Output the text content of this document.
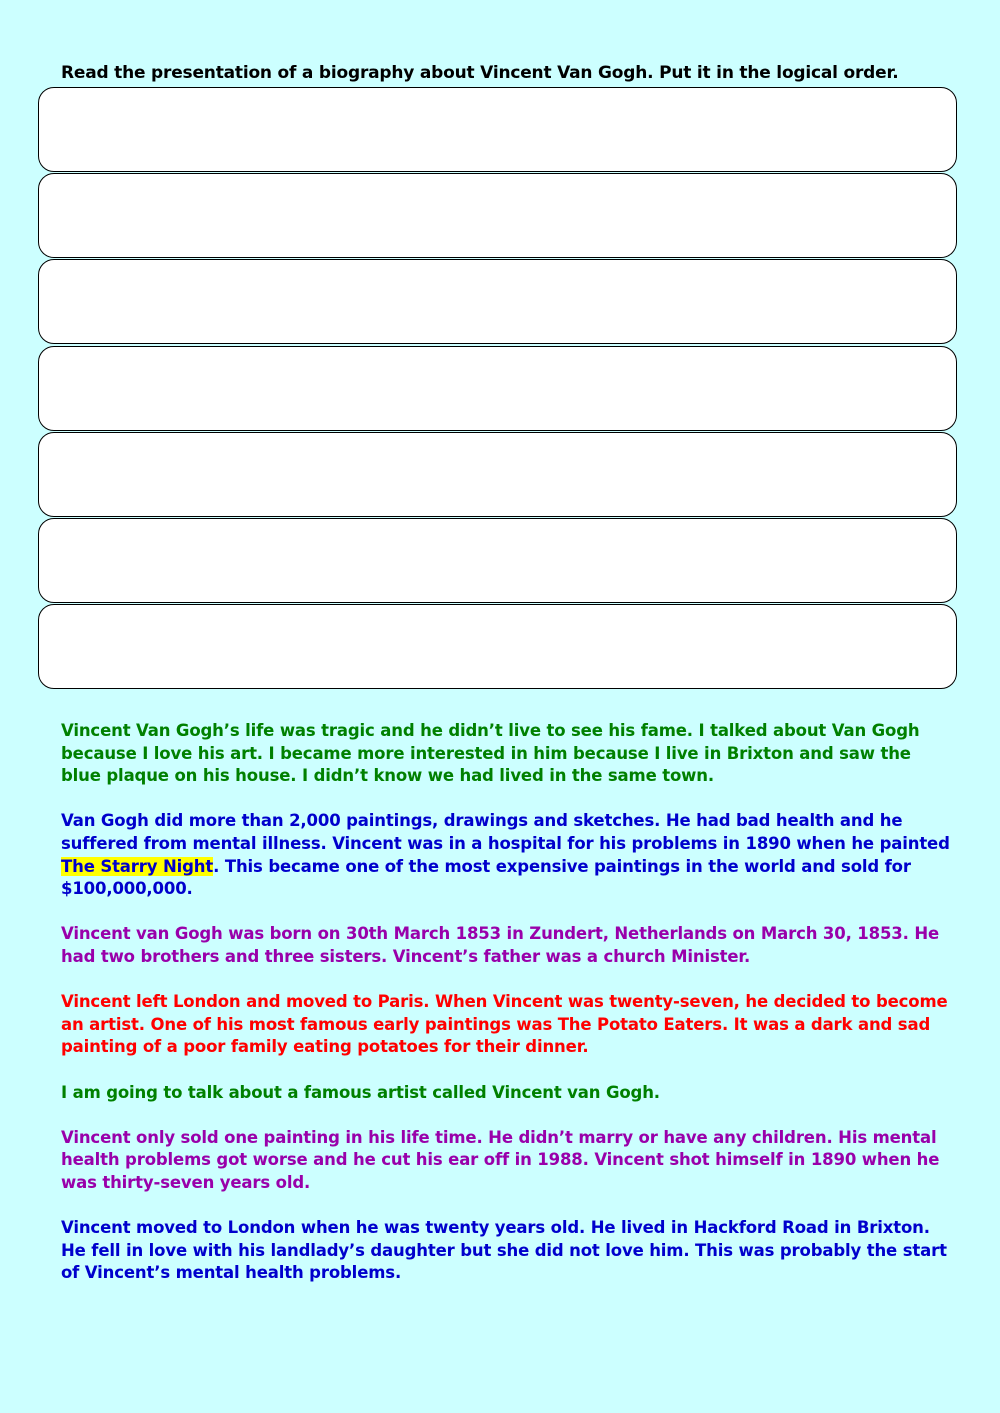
Read the presentation of a biography about Vincent Van Gogh. Put it in the logical order.

Vincent Van Gogh’s life was tragic and he didn’t live to see his fame. I talked about Van Gogh because I love his art. I became more interested in him because I live in Brixton and saw the blue plaque on his house. I didn’t know we had lived in the same town.

Van Gogh did more than 2,000 paintings, drawings and sketches. He had bad health and he suffered from mental illness. Vincent was in a hospital for his problems in 1890 when he painted The Starry Night. This became one of the most expensive paintings in the world and sold for $100,000,000.

Vincent van Gogh was born on 30th March 1853 in Zundert, Netherlands on March 30, 1853. He had two brothers and three sisters. Vincent’s father was a church Minister.

Vincent left London and moved to Paris. When Vincent was twenty-seven, he decided to become an artist. One of his most famous early paintings was The Potato Eaters. It was a dark and sad painting of a poor family eating potatoes for their dinner.

I am going to talk about a famous artist called Vincent van Gogh.

Vincent only sold one painting in his life time. He didn’t marry or have any children. His mental health problems got worse and he cut his ear off in 1988. Vincent shot himself in 1890 when he was thirty-seven years old.

Vincent moved to London when he was twenty years old. He lived in Hackford Road in Brixton. He fell in love with his landlady’s daughter but she did not love him. This was probably the start of Vincent’s mental health problems.
